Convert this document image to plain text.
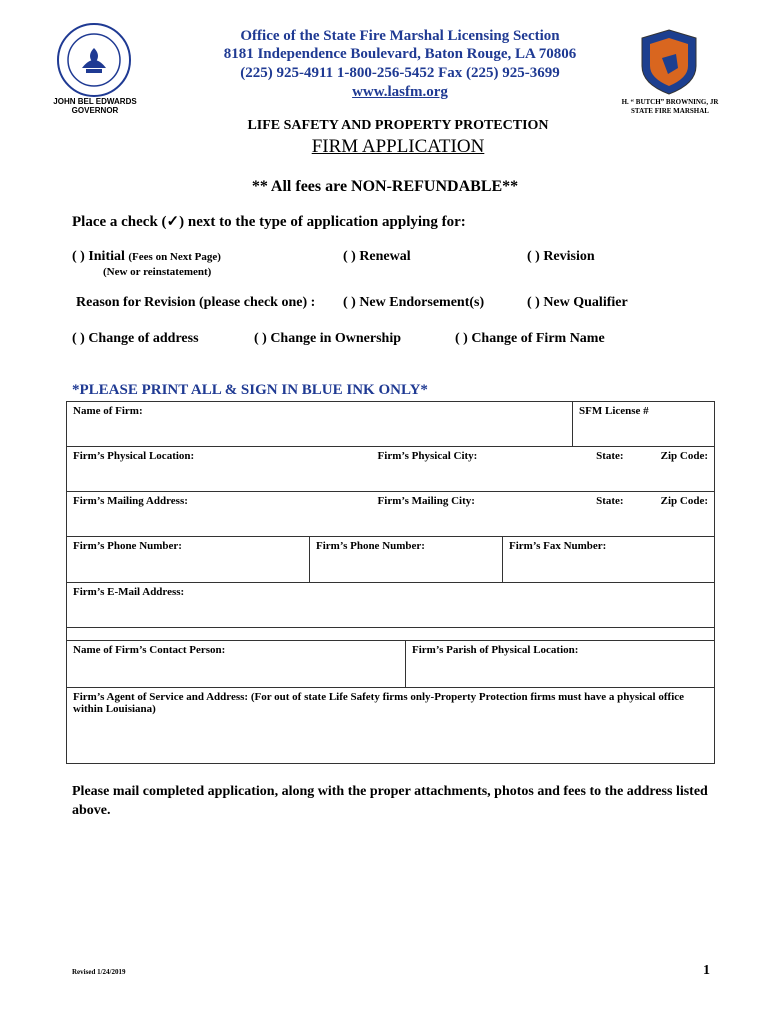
JOHN BEL EDWARDS
GOVERNOR
H. “ BUTCH” BROWNING, JR
STATE FIRE MARSHAL
Office of the State Fire Marshal Licensing Section
8181 Independence Boulevard, Baton Rouge, LA 70806
(225) 925-4911 1-800-256-5452 Fax (225) 925-3699
www.lasfm.org
LIFE SAFETY AND PROPERTY PROTECTION
FIRM APPLICATION
** All fees are NON-REFUNDABLE**
Place a check (✓) next to the type of application applying for:
( ) Initial (Fees on Next Page)
(New or reinstatement)
( ) Renewal	( ) Revision
Reason for Revision (please check one) : ( ) New Endorsement(s)	( ) New Qualifier
( ) Change of address	( ) Change in Ownership	( ) Change of Firm Name
*PLEASE PRINT ALL & SIGN IN BLUE INK ONLY*
Name of Firm:				SFM License #

Firm’s Physical Location: Firm’s Physical City: State: Zip Code:				

Firm’s Mailing Address: Firm’s Mailing City: State: Zip Code:				

Firm’s Phone Number:	Firm’s Phone Number:		Firm’s Fax Number:	
Firm’s E-Mail Address:				

Name of Firm’s Contact Person:		Firm’s Parish of Physical Location:		
Firm’s Agent of Service and Address: (For out of state Life Safety firms only-Property Protection firms must have a physical office within Louisiana)				
Please mail completed application, along with the proper attachments, photos and fees to the address listed above.
Revised 1/24/2019	1
